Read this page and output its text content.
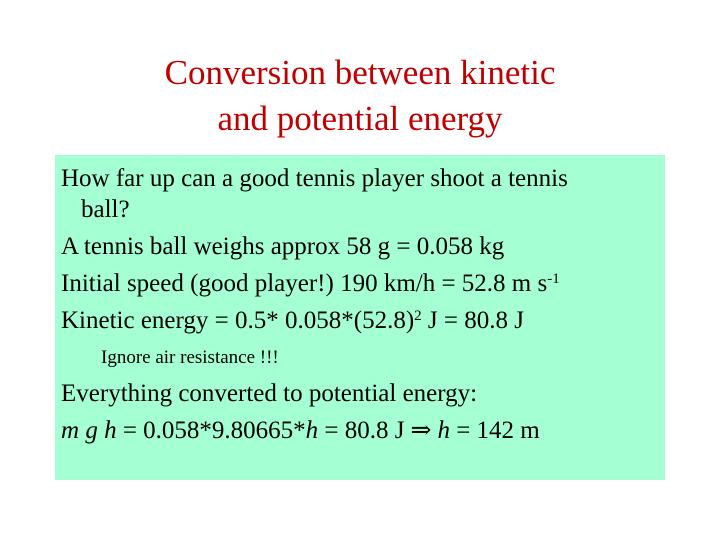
Conversion between kinetic
and potential energy
How far up can a good tennis player shoot a tennis
ball?
A tennis ball weighs approx 58 g = 0.058 kg
Initial speed (good player!) 190 km/h = 52.8 m $s^{-1}$
Kinetic energy = 0.5* $0.058*(52.8)^2$ J = 80.8 J
Ignore air resistance !!!
Everything converted to potential energy:
m g h = 0.058*9.80665*h = 80.8 J ⇒ h = 142 m
